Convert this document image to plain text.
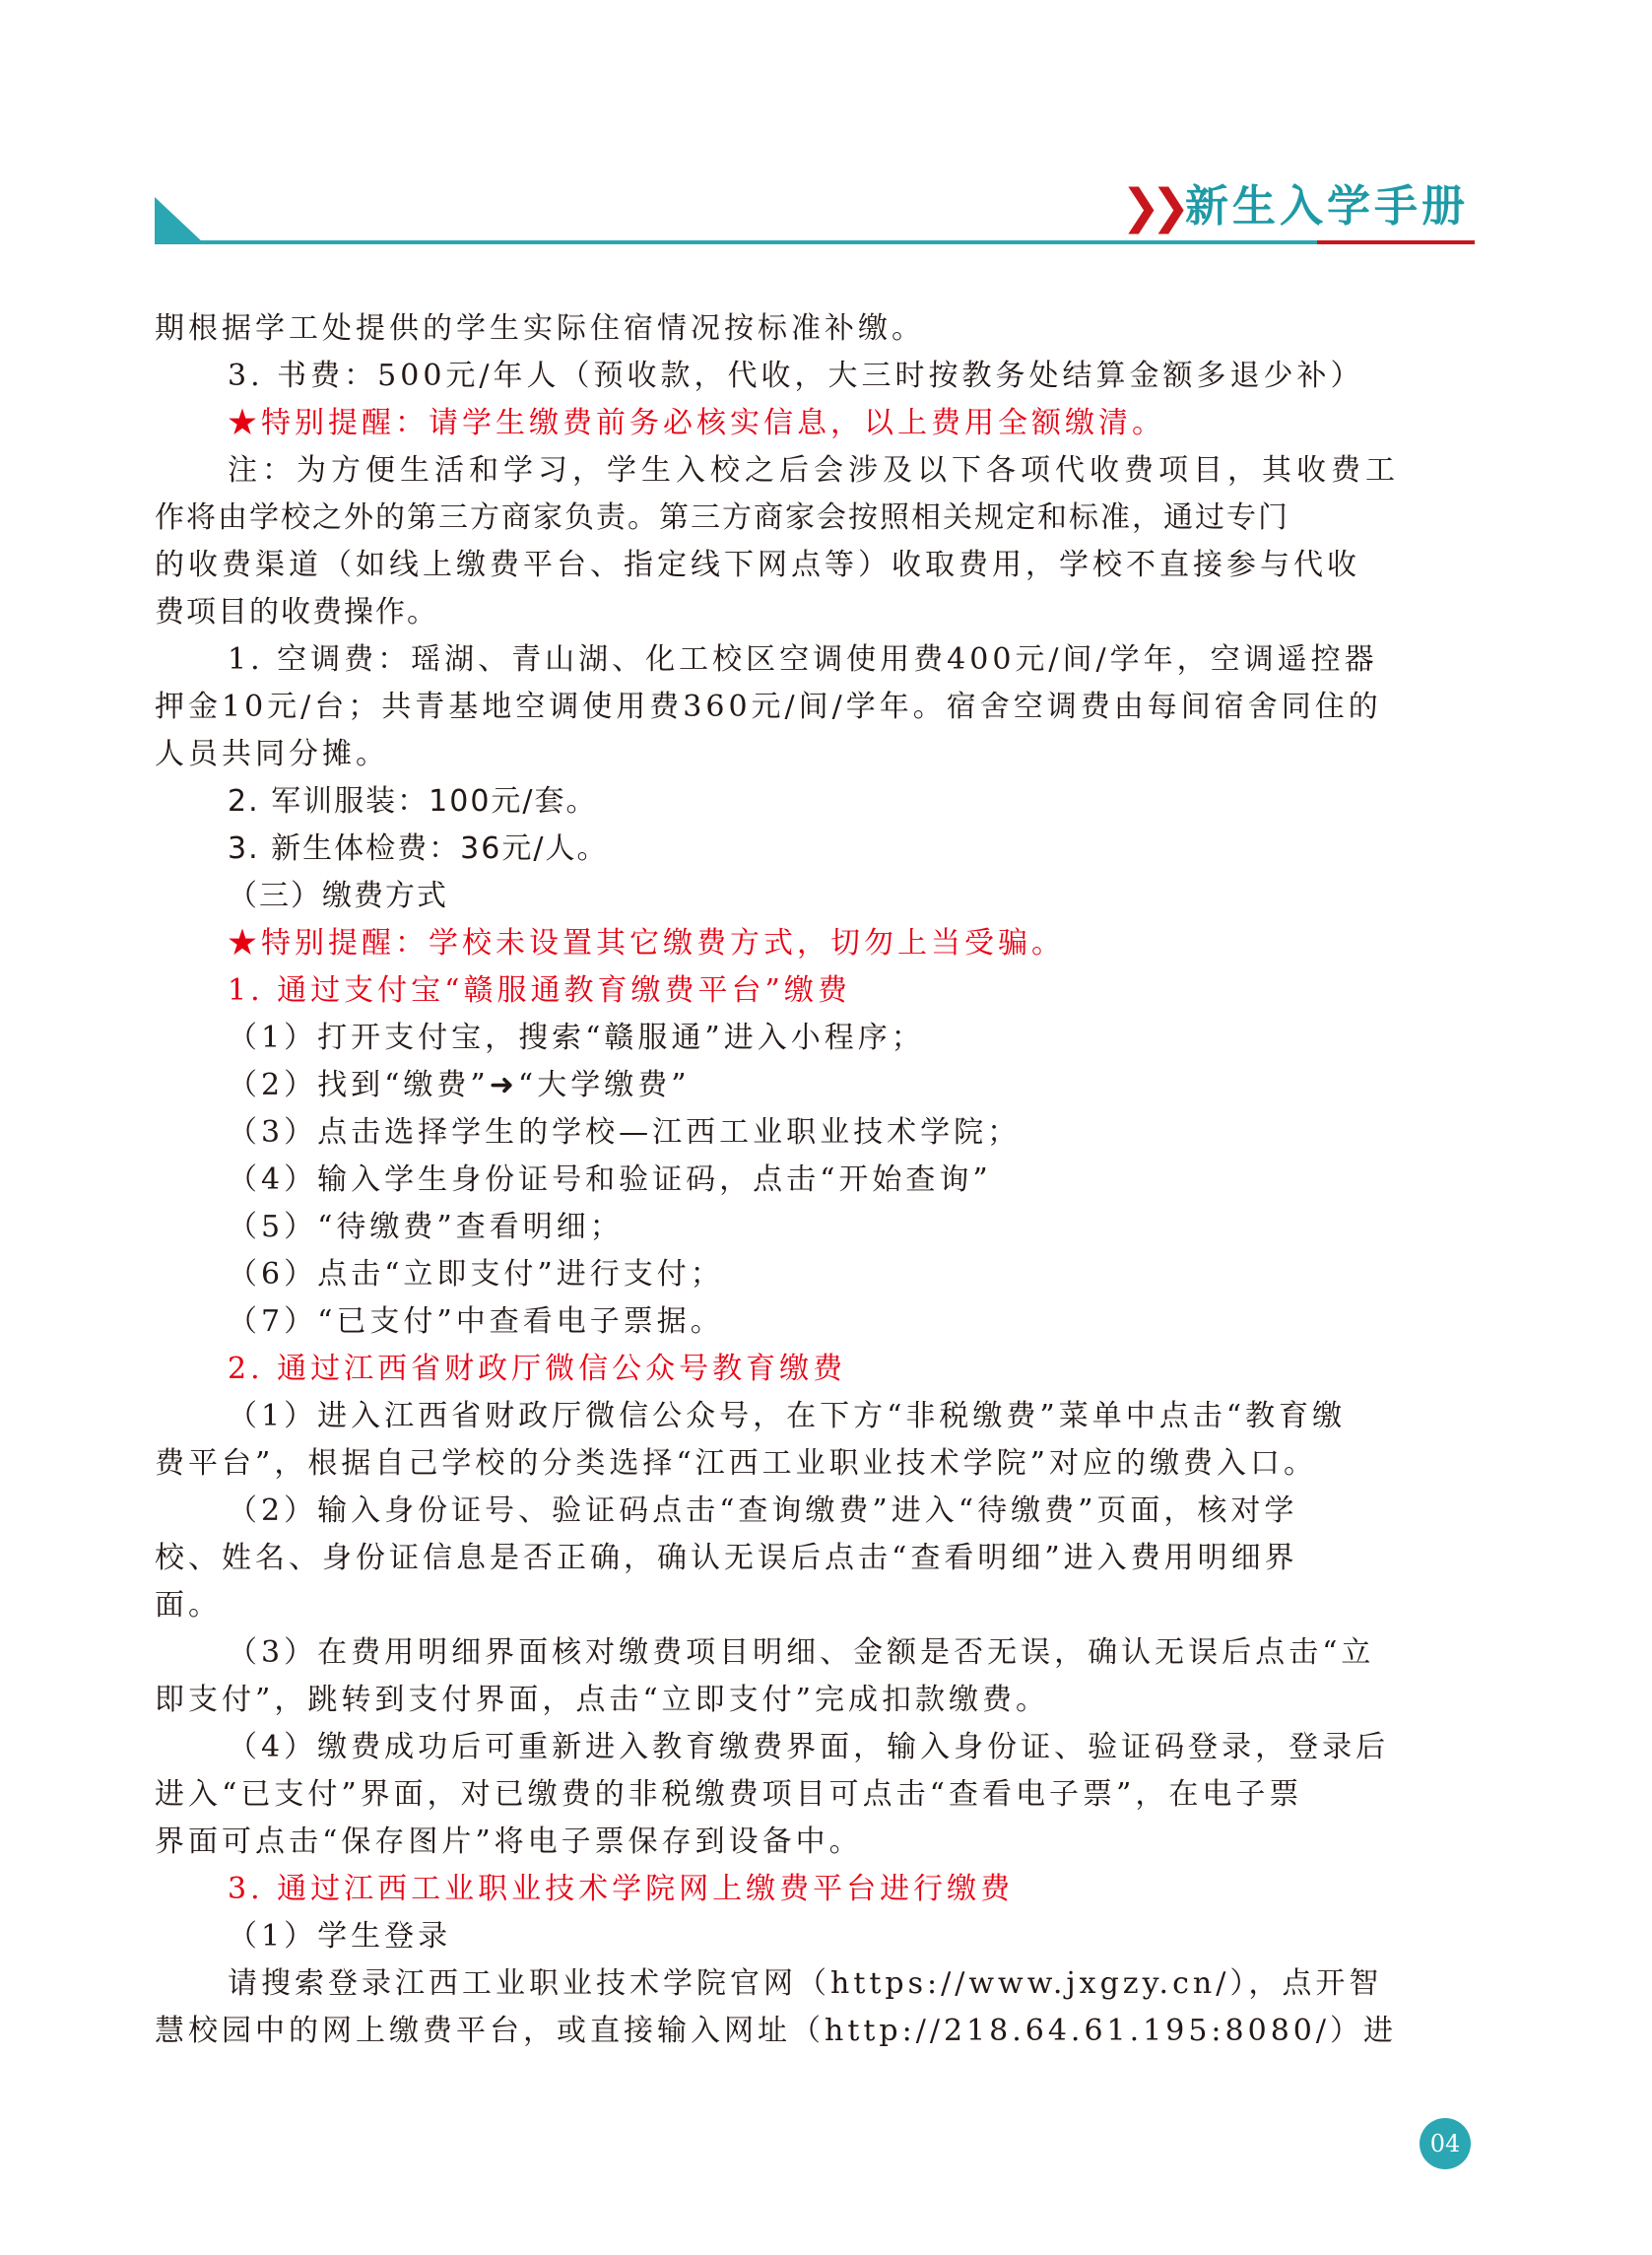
❯❯ 新生入学手册
期根据学工处提供的学生实际住宿情况按标准补缴。
3. 书费：500元/年人（预收款，代收，大三时按教务处结算金额多退少补）
★特别提醒：请学生缴费前务必核实信息，以上费用全额缴清。
注：为方便生活和学习，学生入校之后会涉及以下各项代收费项目，其收费工
作将由学校之外的第三方商家负责。第三方商家会按照相关规定和标准，通过专门
的收费渠道（如线上缴费平台、指定线下网点等）收取费用，学校不直接参与代收
费项目的收费操作。
1. 空调费：瑶湖、青山湖、化工校区空调使用费400元/间/学年，空调遥控器
押金10元/台；共青基地空调使用费360元/间/学年。宿舍空调费由每间宿舍同住的
人员共同分摊。
2. 军训服装：100元/套。
3. 新生体检费：36元/人。
（三）缴费方式
★特别提醒：学校未设置其它缴费方式，切勿上当受骗。
1. 通过支付宝“赣服通教育缴费平台”缴费
（1）打开支付宝，搜索“赣服通”进入小程序；
（2）找到“缴费”➜“大学缴费”
（3）点击选择学生的学校—江西工业职业技术学院；
（4）输入学生身份证号和验证码，点击“开始查询”
（5）“待缴费”查看明细；
（6）点击“立即支付”进行支付；
（7）“已支付”中查看电子票据。
2. 通过江西省财政厅微信公众号教育缴费
（1）进入江西省财政厅微信公众号，在下方“非税缴费”菜单中点击“教育缴
费平台”，根据自己学校的分类选择“江西工业职业技术学院”对应的缴费入口。
（2）输入身份证号、验证码点击“查询缴费”进入“待缴费”页面，核对学
校、姓名、身份证信息是否正确，确认无误后点击“查看明细”进入费用明细界
面。
（3）在费用明细界面核对缴费项目明细、金额是否无误，确认无误后点击“立
即支付”，跳转到支付界面，点击“立即支付”完成扣款缴费。
（4）缴费成功后可重新进入教育缴费界面，输入身份证、验证码登录，登录后
进入“已支付”界面，对已缴费的非税缴费项目可点击“查看电子票”，在电子票
界面可点击“保存图片”将电子票保存到设备中。
3. 通过江西工业职业技术学院网上缴费平台进行缴费
（1）学生登录
请搜索登录江西工业职业技术学院官网（https://www.jxgzy.cn/），点开智
慧校园中的网上缴费平台，或直接输入网址（http://218.64.61.195:8080/）进
04
